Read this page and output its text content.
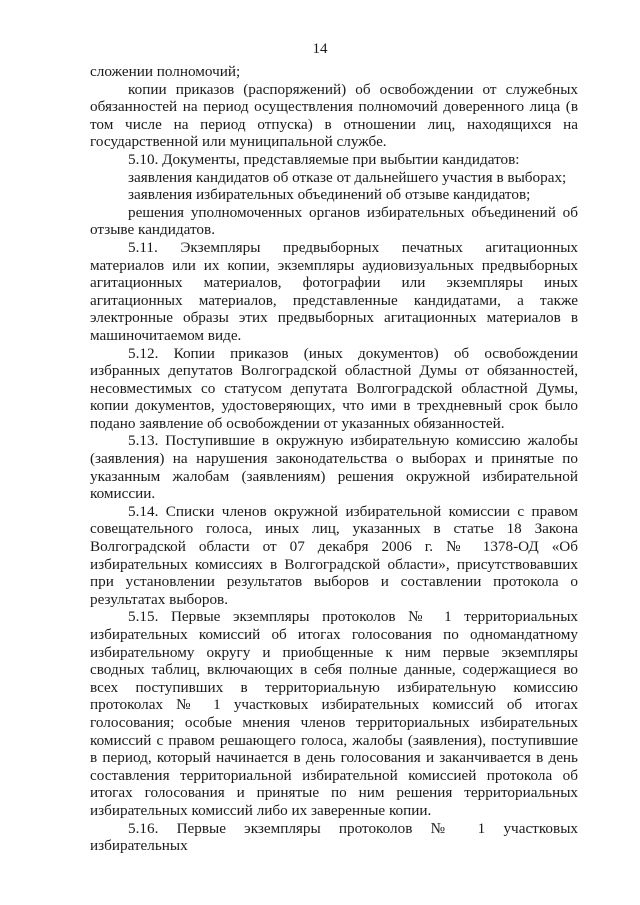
14

сложении полномочий;

копии приказов (распоряжений) об освобождении от служебных обязанностей на период осуществления полномочий доверенного лица (в том числе на период отпуска) в отношении лиц, находящихся на государственной или муниципальной службе.

5.10. Документы, представляемые при выбытии кандидатов:

заявления кандидатов об отказе от дальнейшего участия в выборах;

заявления избирательных объединений об отзыве кандидатов;

решения уполномоченных органов избирательных объединений об отзыве кандидатов.

5.11. Экземпляры предвыборных печатных агитационных материалов или их копии, экземпляры аудиовизуальных предвыборных агитационных материалов, фотографии или экземпляры иных агитационных материалов, представленные кандидатами, а также электронные образы этих предвыборных агитационных материалов в машиночитаемом виде.

5.12. Копии приказов (иных документов) об освобождении избранных депутатов Волгоградской областной Думы от обязанностей, несовместимых со статусом депутата Волгоградской областной Думы, копии документов, удостоверяющих, что ими в трехдневный срок было подано заявление об освобождении от указанных обязанностей.

5.13. Поступившие в окружную избирательную комиссию жалобы (заявления) на нарушения законодательства о выборах и принятые по указанным жалобам (заявлениям) решения окружной избирательной комиссии.

5.14. Списки членов окружной избирательной комиссии с правом совещательного голоса, иных лиц, указанных в статье 18 Закона Волгоградской области от 07 декабря 2006 г. № 1378-ОД «Об избирательных комиссиях в Волгоградской области», присутствовавших при установлении результатов выборов и составлении протокола о результатах выборов.

5.15. Первые экземпляры протоколов № 1 территориальных избирательных комиссий об итогах голосования по одномандатному избирательному округу и приобщенные к ним первые экземпляры сводных таблиц, включающих в себя полные данные, содержащиеся во всех поступивших в территориальную избирательную комиссию протоколах № 1 участковых избирательных комиссий об итогах голосования; особые мнения членов территориальных избирательных комиссий с правом решающего голоса, жалобы (заявления), поступившие в период, который начинается в день голосования и заканчивается в день составления территориальной избирательной комиссией протокола об итогах голосования и принятые по ним решения территориальных избирательных комиссий либо их заверенные копии.

5.16. Первые экземпляры протоколов № 1 участковых избирательных
